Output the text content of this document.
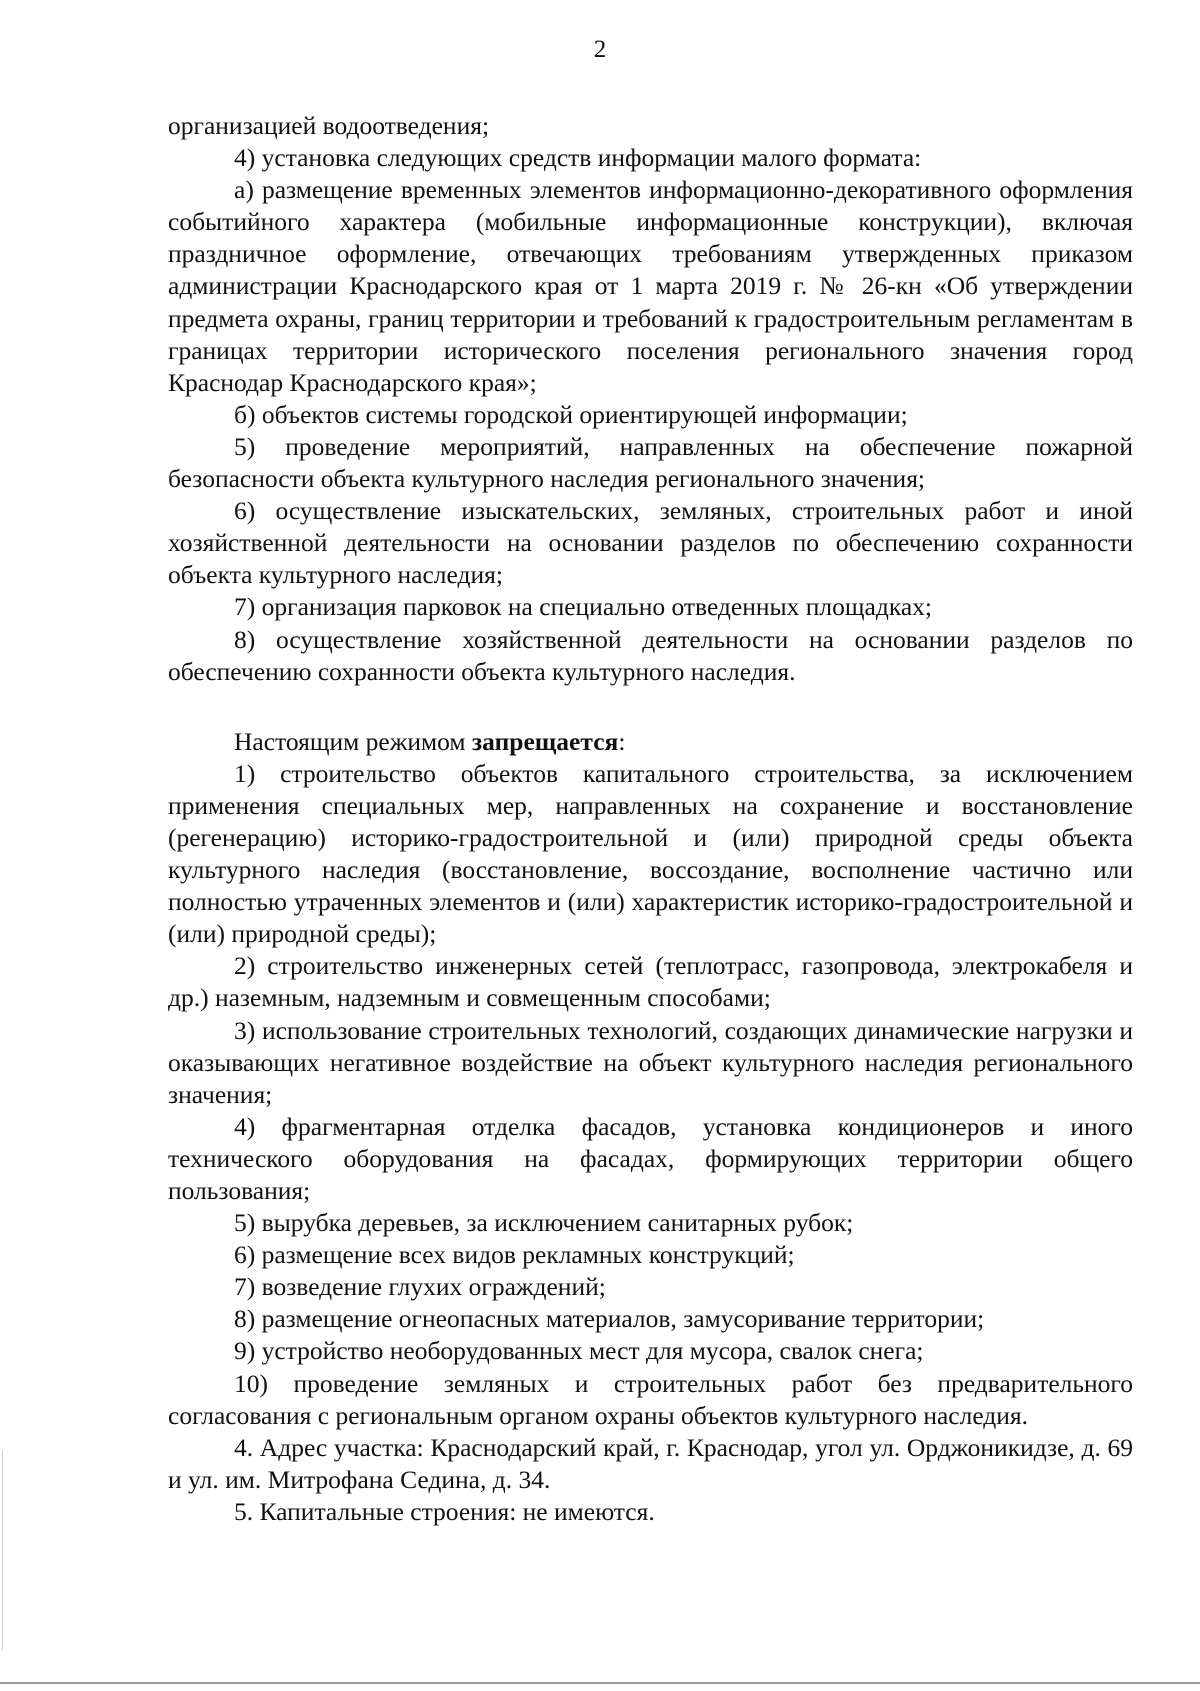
2

организацией водоотведения;

4) установка следующих средств информации малого формата:

а) размещение временных элементов информационно-декоративного оформления событийного характера (мобильные информационные конструкции), включая праздничное оформление, отвечающих требованиям утвержденных приказом администрации Краснодарского края от 1 марта 2019 г. № 26-кн «Об утверждении предмета охраны, границ территории и требований к градостроительным регламентам в границах территории исторического поселения регионального значения город Краснодар Краснодарского края»;

б) объектов системы городской ориентирующей информации;

5) проведение мероприятий, направленных на обеспечение пожарной безопасности объекта культурного наследия регионального значения;

6) осуществление изыскательских, земляных, строительных работ и иной хозяйственной деятельности на основании разделов по обеспечению сохранности объекта культурного наследия;

7) организация парковок на специально отведенных площадках;

8) осуществление хозяйственной деятельности на основании разделов по обеспечению сохранности объекта культурного наследия.

Настоящим режимом запрещается:

1) строительство объектов капитального строительства, за исключением применения специальных мер, направленных на сохранение и восстановление (регенерацию) историко-градостроительной и (или) природной среды объекта культурного наследия (восстановление, воссоздание, восполнение частично или полностью утраченных элементов и (или) характеристик историко-градостроительной и (или) природной среды);

2) строительство инженерных сетей (теплотрасс, газопровода, электрокабеля и др.) наземным, надземным и совмещенным способами;

3) использование строительных технологий, создающих динамические нагрузки и оказывающих негативное воздействие на объект культурного наследия регионального значения;

4) фрагментарная отделка фасадов, установка кондиционеров и иного технического оборудования на фасадах, формирующих территории общего пользования;

5) вырубка деревьев, за исключением санитарных рубок;

6) размещение всех видов рекламных конструкций;

7) возведение глухих ограждений;

8) размещение огнеопасных материалов, замусоривание территории;

9) устройство необорудованных мест для мусора, свалок снега;

10) проведение земляных и строительных работ без предварительного согласования с региональным органом охраны объектов культурного наследия.

4. Адрес участка: Краснодарский край, г. Краснодар, угол ул. Орджоникидзе, д. 69 и ул. им. Митрофана Седина, д. 34.

5. Капитальные строения: не имеются.
